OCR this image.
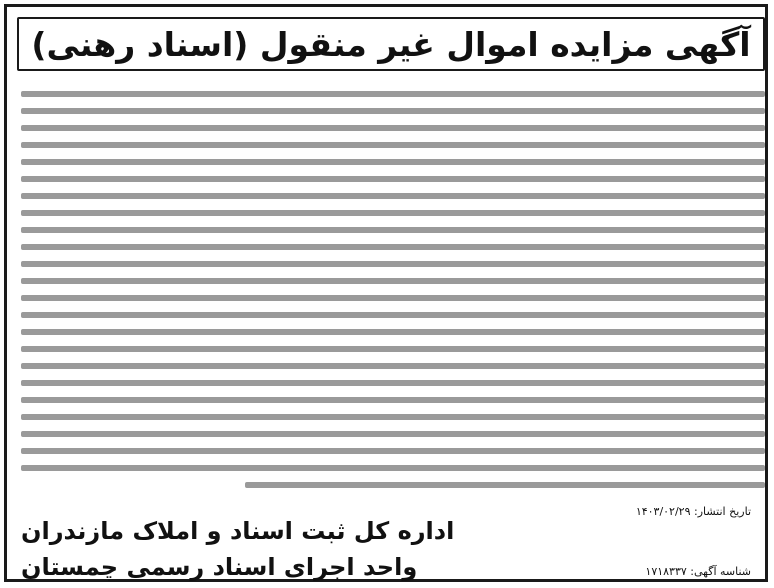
آگهی مزایده اموال غیر منقول (اسناد رهنی)
تاریخ انتشار: ۱۴۰۳/۰۲/۲۹
اداره کل ثبت اسناد و املاک مازندران
واحد اجرای اسناد رسمی چمستان	شناسه آگهی: ۱۷۱۸۳۳۷
